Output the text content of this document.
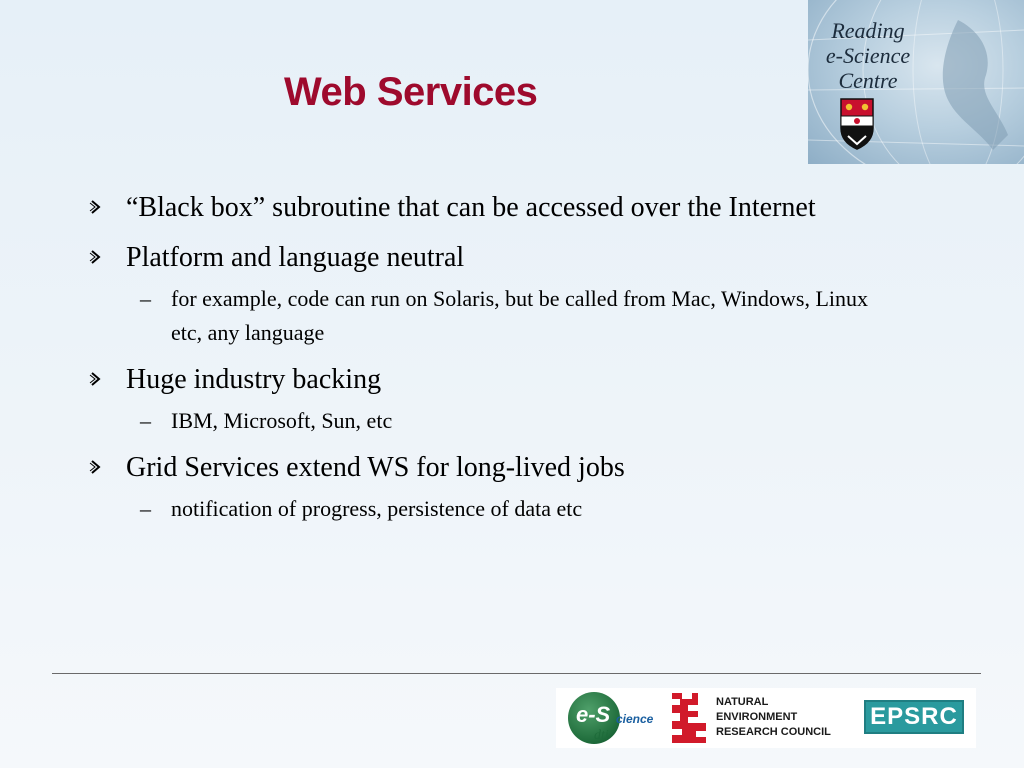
Web Services
Reading
e-Science
Centre
“Black box” subroutine that can be accessed over the Internet
Platform and language neutral
– for example, code can run on Solaris, but be called from Mac, Windows, Linux etc, any language
Huge industry backing
– IBM, Microsoft, Sun, etc
Grid Services extend WS for long-lived jobs
– notification of progress, persistence of data etc
e-S cience
dti
NATURAL
ENVIRONMENT
RESEARCH COUNCIL
EPSRC
